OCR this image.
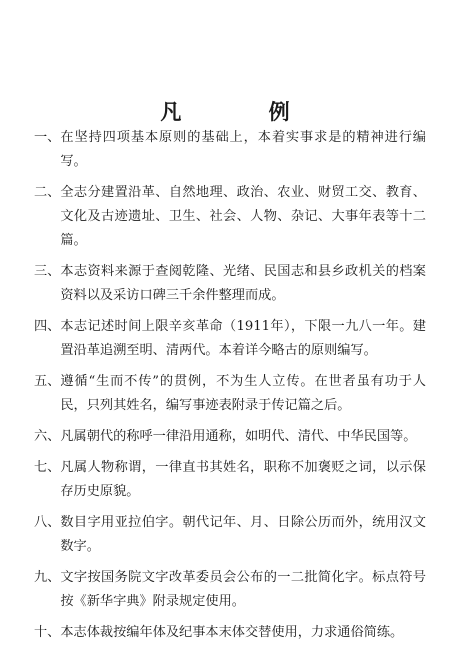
凡 例
一、 在坚持四项基本原则的基础上，本着实事求是的精神进行编写。
二、 全志分建置沿革、自然地理、政治、农业、财贸工交、教育、文化及古迹遗址、卫生、社会、人物、杂记、大事年表等十二篇。
三、 本志资料来源于查阅乾隆、光绪、民国志和县乡政机关的档案资料以及采访口碑三千余件整理而成。
四、 本志记述时间上限辛亥革命（1911年），下限一九八一年。建置沿革追溯至明、清两代。本着详今略古的原则编写。
五、 遵循“生而不传”的贯例，不为生人立传。在世者虽有功于人民，只列其姓名，编写事迹表附录于传记篇之后。
六、 凡属朝代的称呼一律沿用通称，如明代、清代、中华民国等。
七、 凡属人物称谓，一律直书其姓名，职称不加褒贬之词，以示保存历史原貌。
八、 数目字用亚拉伯字。朝代记年、月、日除公历而外，统用汉文数字。
九、 文字按国务院文字改革委员会公布的一二批简化字。标点符号按《新华字典》附录规定使用。
十、 本志体裁按编年体及纪事本末体交替使用，力求通俗简练。
